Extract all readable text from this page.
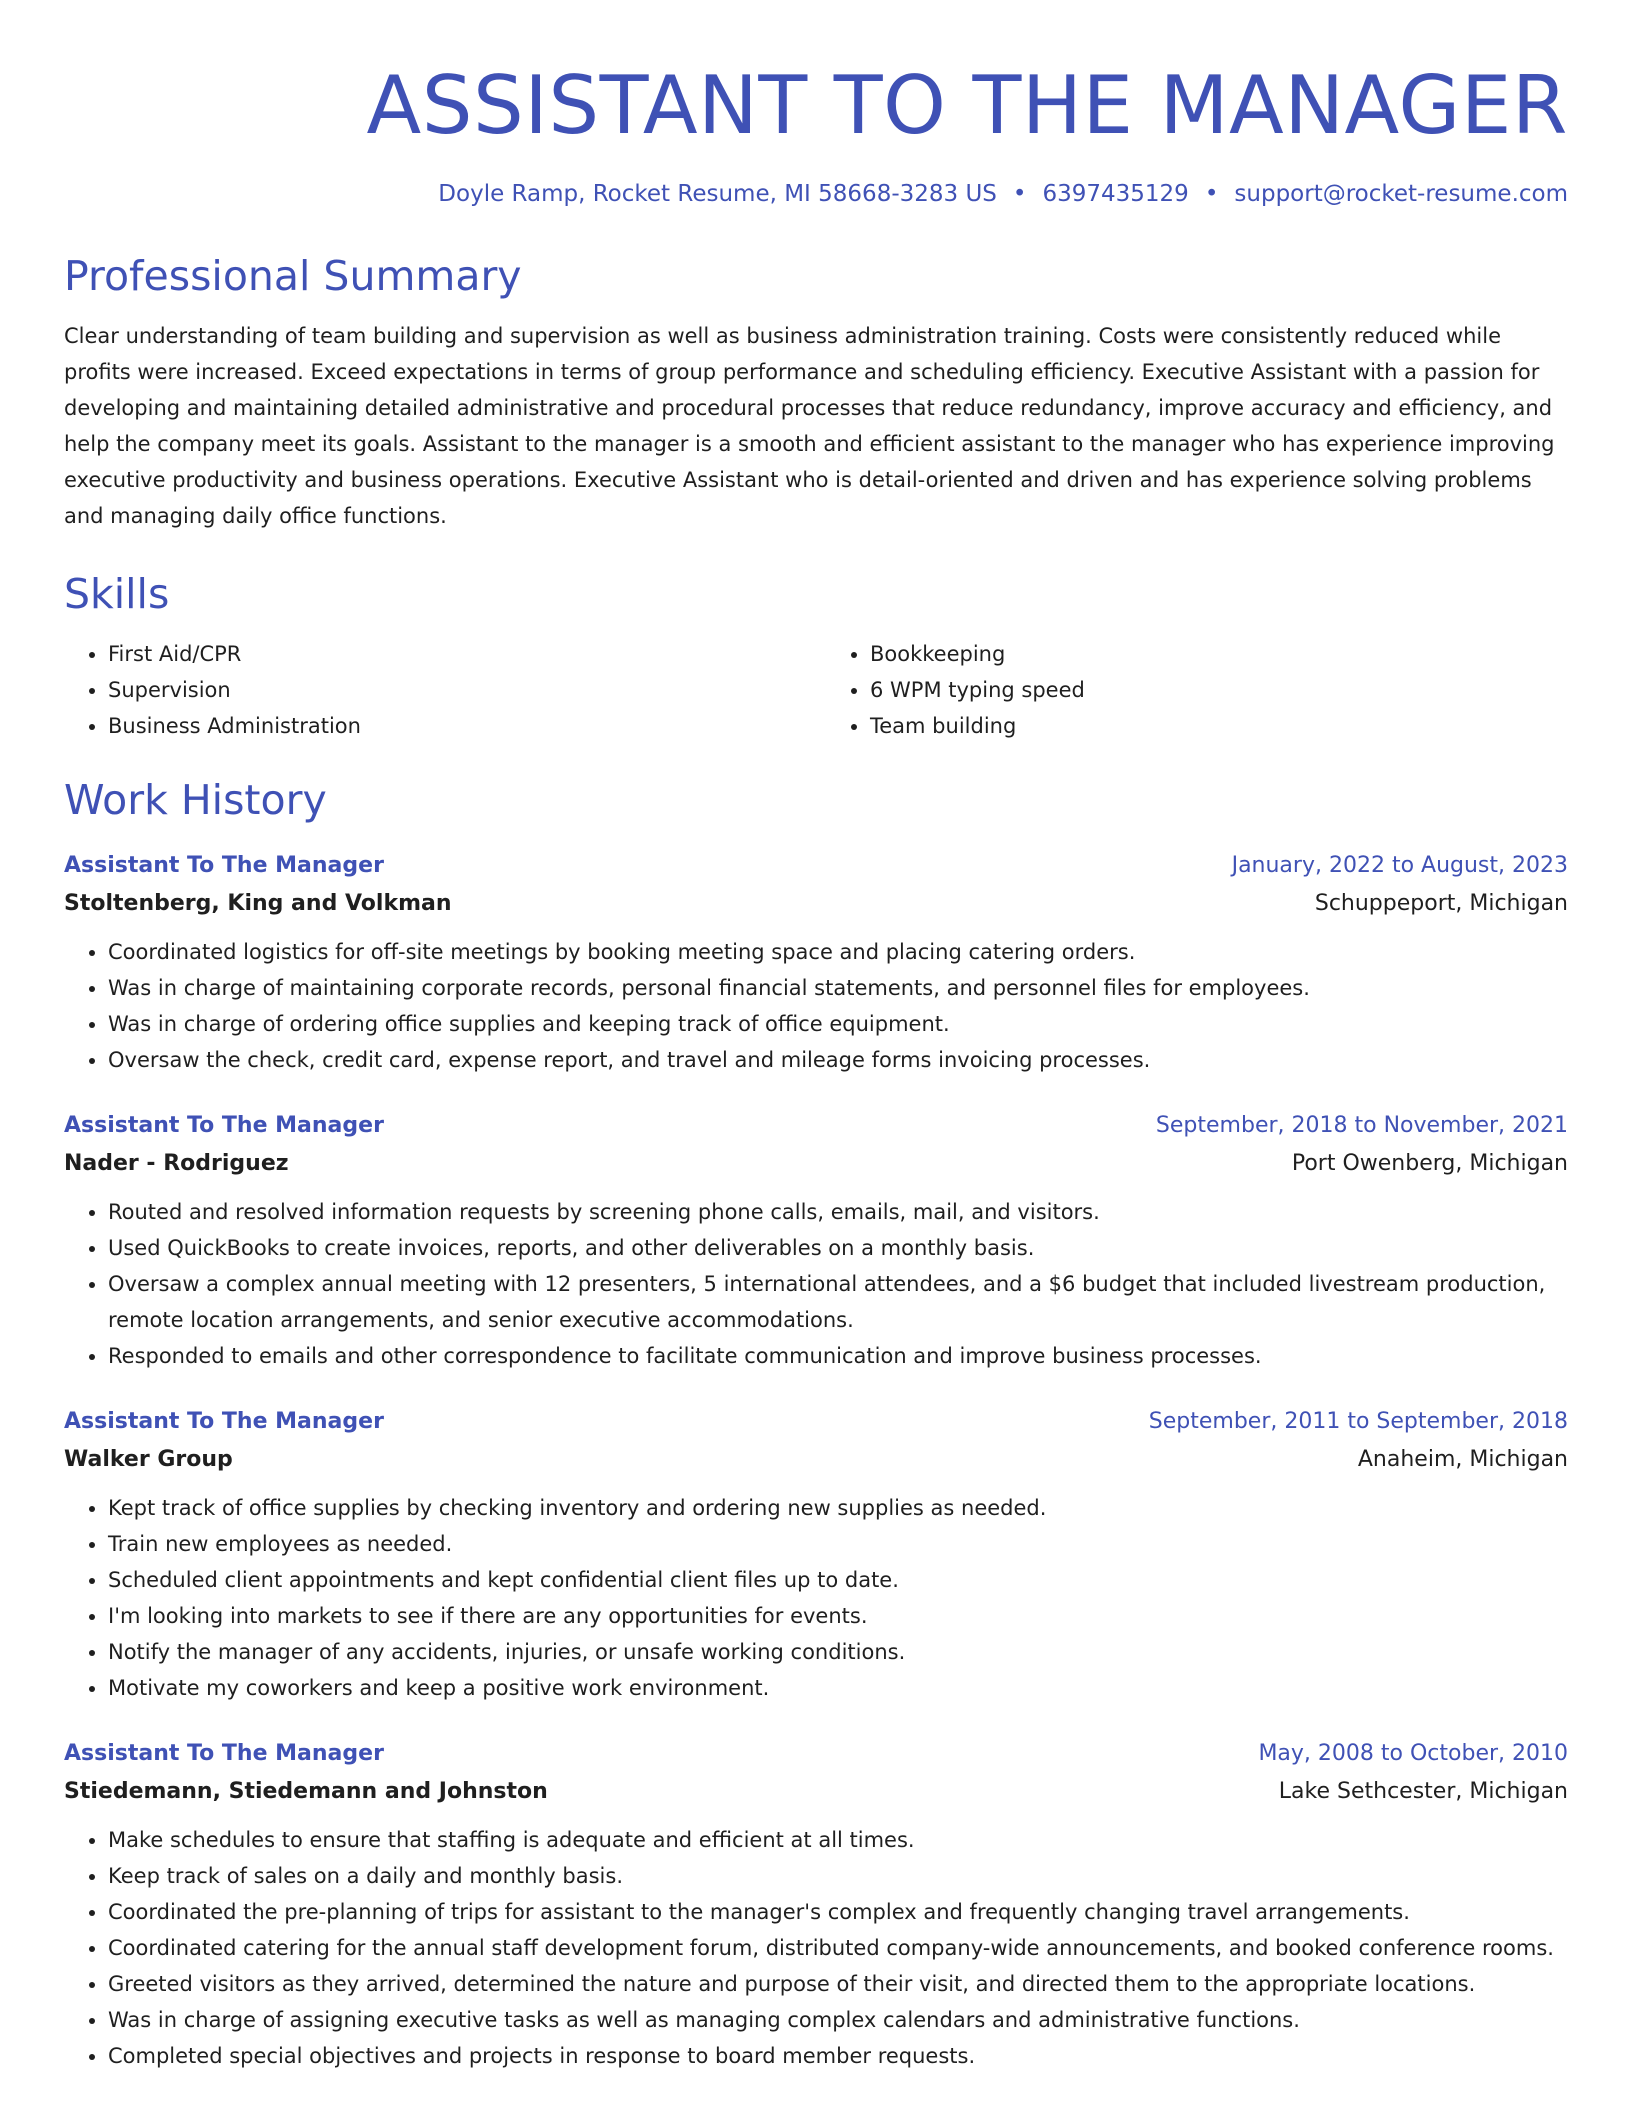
ASSISTANT TO THE MANAGER
Doyle Ramp, Rocket Resume, MI 58668-3283 US • 6397435129 • support@rocket-resume.com
Professional Summary

Clear understanding of team building and supervision as well as business administration training. Costs were consistently reduced while profits were increased. Exceed expectations in terms of group performance and scheduling efficiency. Executive Assistant with a passion for developing and maintaining detailed administrative and procedural processes that reduce redundancy, improve accuracy and efficiency, and help the company meet its goals. Assistant to the manager is a smooth and efficient assistant to the manager who has experience improving executive productivity and business operations. Executive Assistant who is detail-oriented and driven and has experience solving problems and managing daily office functions.

Skills
• First Aid/CPR
• Supervision
• Business Administration
• Bookkeeping
• 6 WPM typing speed
• Team building
Work History
Assistant To The Manager	January, 2022 to August, 2023
Stoltenberg, King and Volkman	Schuppeport, Michigan
• Coordinated logistics for off-site meetings by booking meeting space and placing catering orders.
• Was in charge of maintaining corporate records, personal financial statements, and personnel files for employees.
• Was in charge of ordering office supplies and keeping track of office equipment.
• Oversaw the check, credit card, expense report, and travel and mileage forms invoicing processes.
Assistant To The Manager	September, 2018 to November, 2021
Nader - Rodriguez	Port Owenberg, Michigan
• Routed and resolved information requests by screening phone calls, emails, mail, and visitors.
• Used QuickBooks to create invoices, reports, and other deliverables on a monthly basis.
• Oversaw a complex annual meeting with 12 presenters, 5 international attendees, and a $6 budget that included livestream production, remote location arrangements, and senior executive accommodations.
• Responded to emails and other correspondence to facilitate communication and improve business processes.
Assistant To The Manager	September, 2011 to September, 2018
Walker Group	Anaheim, Michigan
• Kept track of office supplies by checking inventory and ordering new supplies as needed.
• Train new employees as needed.
• Scheduled client appointments and kept confidential client files up to date.
• I'm looking into markets to see if there are any opportunities for events.
• Notify the manager of any accidents, injuries, or unsafe working conditions.
• Motivate my coworkers and keep a positive work environment.
Assistant To The Manager	May, 2008 to October, 2010
Stiedemann, Stiedemann and Johnston	Lake Sethcester, Michigan
• Make schedules to ensure that staffing is adequate and efficient at all times.
• Keep track of sales on a daily and monthly basis.
• Coordinated the pre-planning of trips for assistant to the manager's complex and frequently changing travel arrangements.
• Coordinated catering for the annual staff development forum, distributed company-wide announcements, and booked conference rooms.
• Greeted visitors as they arrived, determined the nature and purpose of their visit, and directed them to the appropriate locations.
• Was in charge of assigning executive tasks as well as managing complex calendars and administrative functions.
• Completed special objectives and projects in response to board member requests.
